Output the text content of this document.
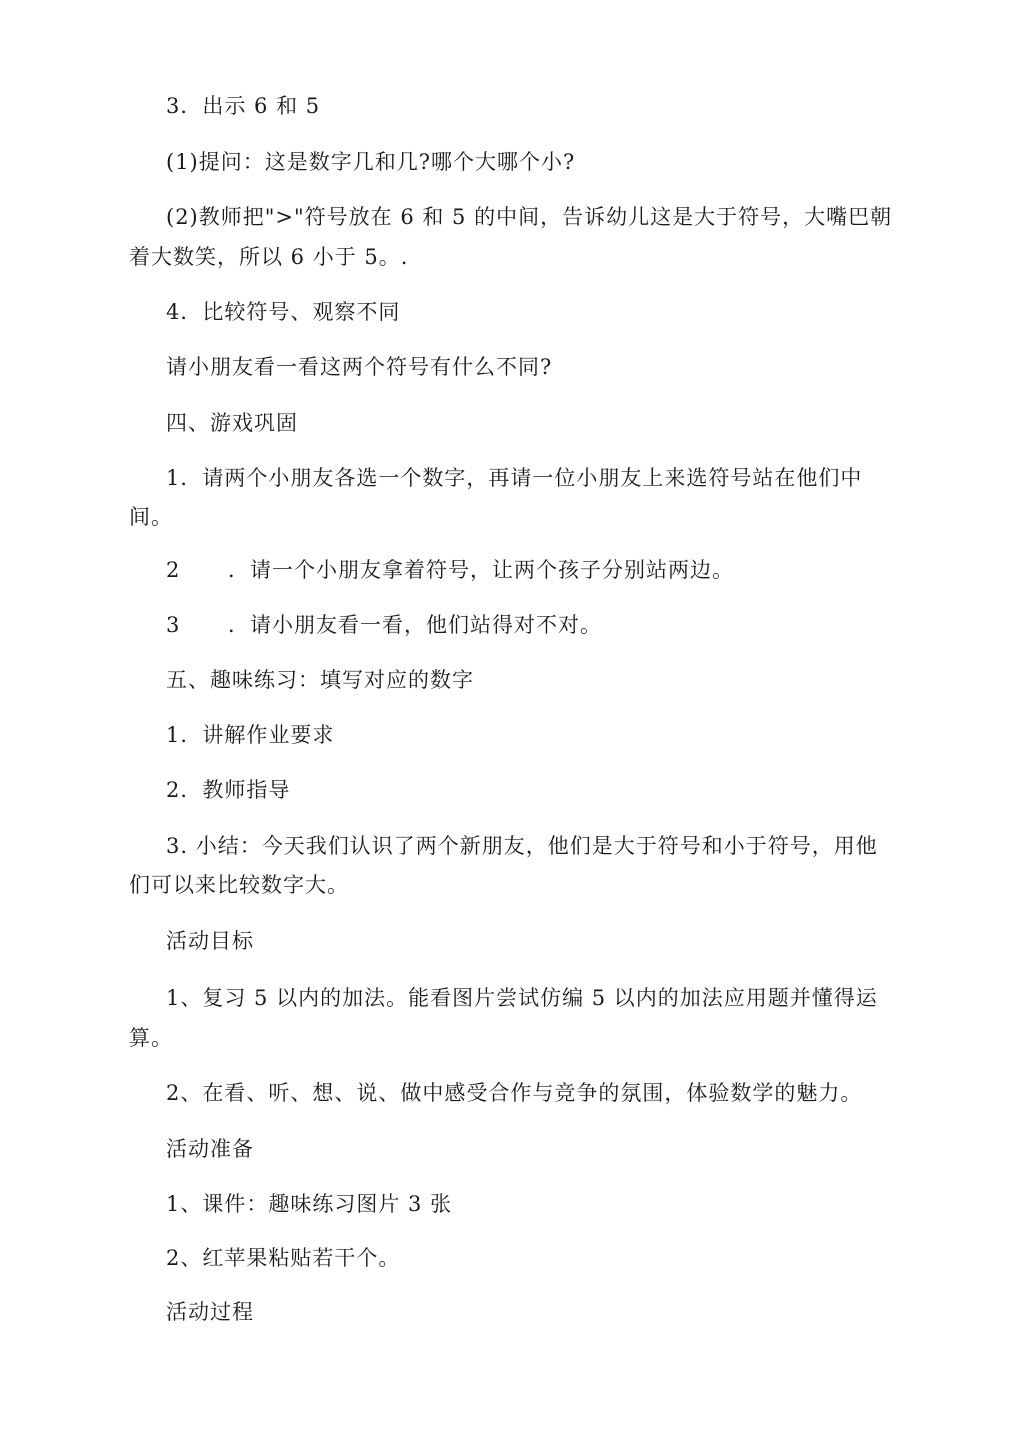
3．出示 6 和 5
(1)提问：这是数字几和几?哪个大哪个小?
(2)教师把">"符号放在 6 和 5 的中间，告诉幼儿这是大于符号，大嘴巴朝
着大数笑，所以 6 小于 5。.
4．比较符号、观察不同
请小朋友看一看这两个符号有什么不同?
四、游戏巩固
1．请两个小朋友各选一个数字，再请一位小朋友上来选符号站在他们中
间。
2 ．请一个小朋友拿着符号，让两个孩子分别站两边。
3 ．请小朋友看一看，他们站得对不对。
五、趣味练习：填写对应的数字
1．讲解作业要求
2．教师指导
3. 小结：今天我们认识了两个新朋友，他们是大于符号和小于符号，用他
们可以来比较数字大。
活动目标
1、复习 5 以内的加法。能看图片尝试仿编 5 以内的加法应用题并懂得运
算。
2、在看、听、想、说、做中感受合作与竞争的氛围，体验数学的魅力。
活动准备
1、课件：趣味练习图片 3 张
2、红苹果粘贴若干个。
活动过程
